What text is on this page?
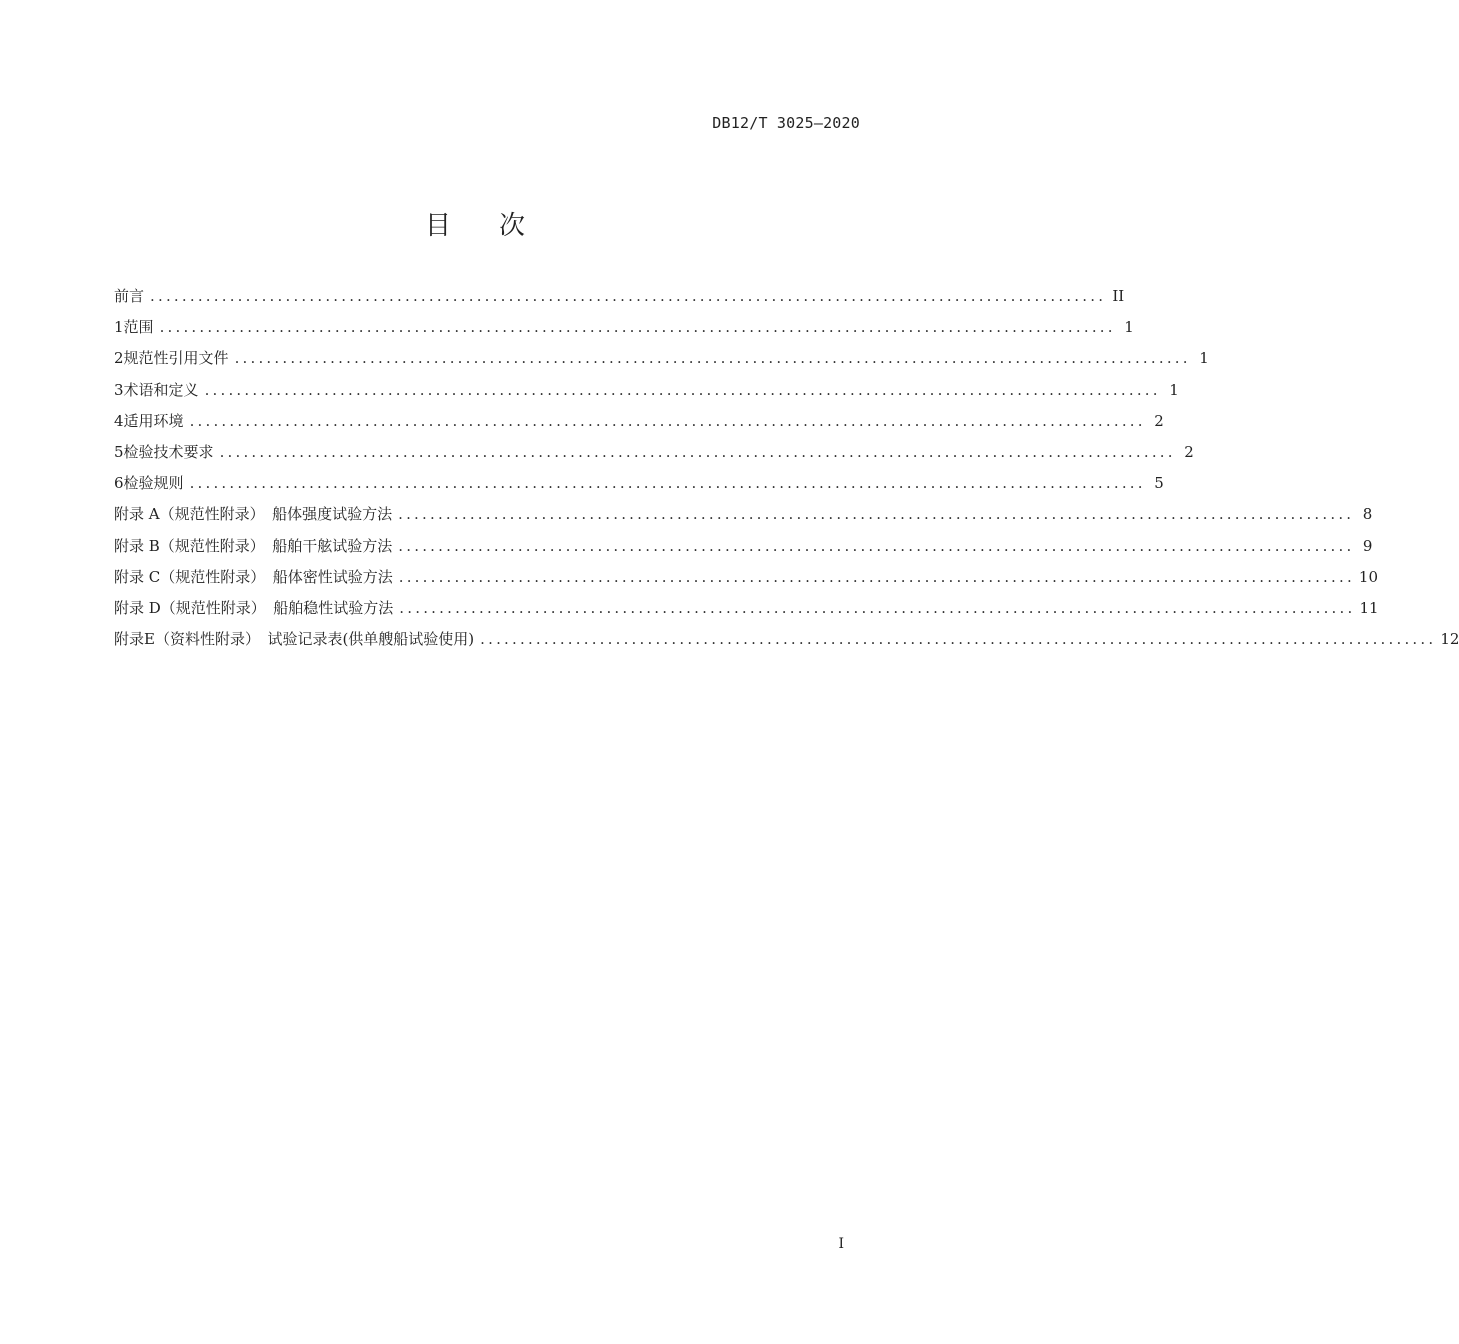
DB12/T 3025—2020
目次
前言 ........................................................................................................................ II
1 范围 ........................................................................................................................ 1
2 规范性引用文件 ........................................................................................................................ 1
3 术语和定义 ........................................................................................................................ 1
4 适用环境 ........................................................................................................................ 2
5 检验技术要求 ........................................................................................................................ 2
6 检验规则 ........................................................................................................................ 5
附录 A（规范性附录）　船体强度试验方法 ........................................................................................................................ 8
附录 B（规范性附录）　船舶干舷试验方法 ........................................................................................................................ 9
附录 C（规范性附录）　船体密性试验方法 ........................................................................................................................ 10
附录 D（规范性附录）　船舶稳性试验方法 ........................................................................................................................ 11
附录E（资料性附录）　试验记录表(供单艘船试验使用) ........................................................................................................................ 12
I
